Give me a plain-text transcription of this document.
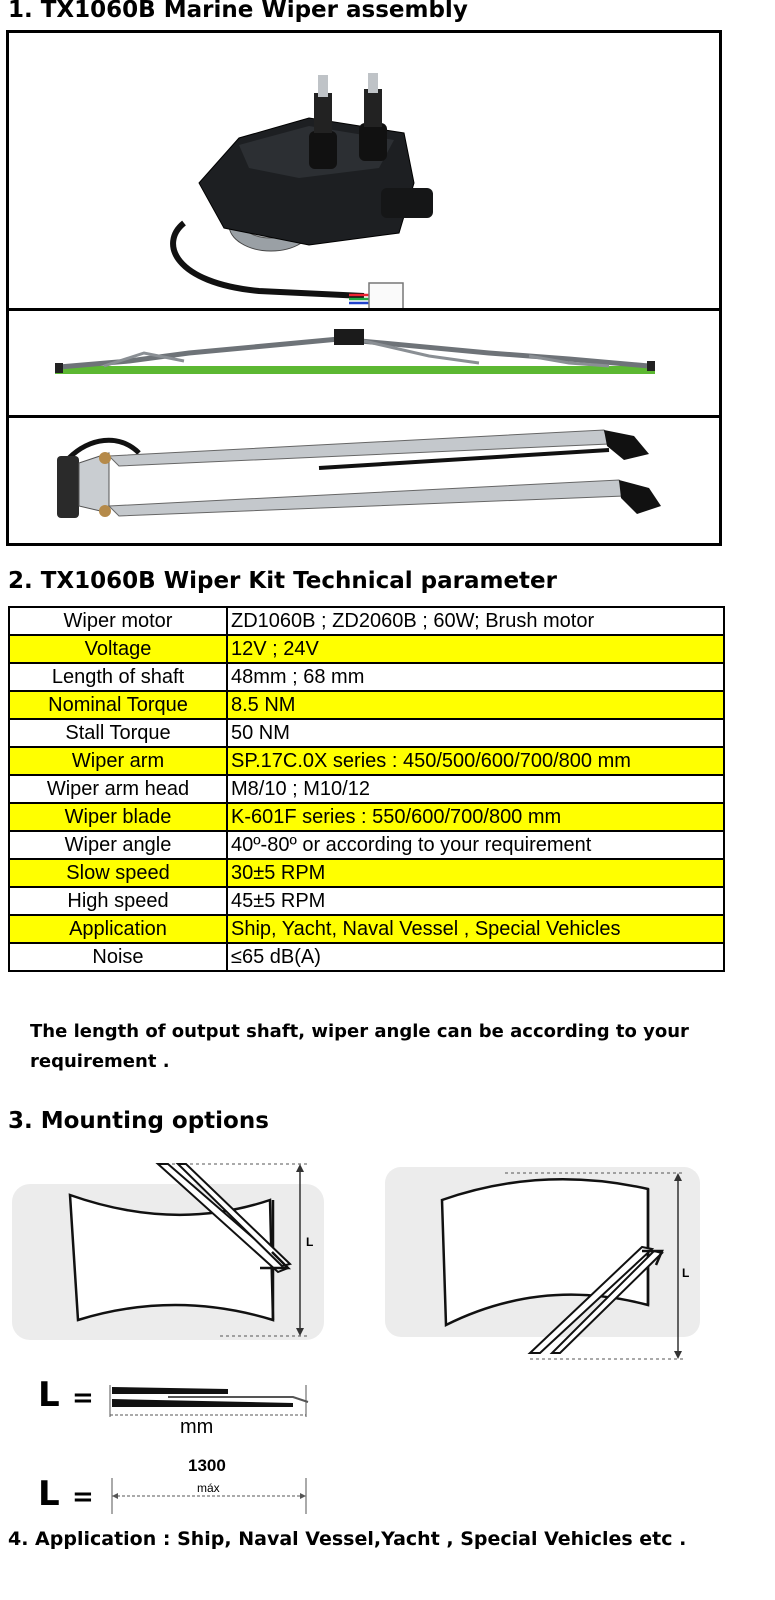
1. TX1060B Marine Wiper assembly
2. TX1060B Wiper Kit Technical parameter
Wiper motor	ZD1060B ; ZD2060B ; 60W; Brush motor
Voltage	12V ; 24V
Length of shaft	48mm ; 68 mm
Nominal Torque	8.5 NM
Stall Torque	50 NM
Wiper arm	SP.17C.0X series : 450/500/600/700/800 mm
Wiper arm head	M8/10 ; M10/12
Wiper blade	K-601F series : 550/600/700/800 mm
Wiper angle	40º-80º or according to your requirement
Slow speed	30±5 RPM
High speed	45±5 RPM
Application	Ship, Yacht, Naval Vessel , Special Vehicles
Noise	≤65 dB(A)

The length of output shaft, wiper angle can be according to your requirement .

3. Mounting options
L
L
L =
mm
L =
1300
máx
4. Application : Ship, Naval Vessel,Yacht , Special Vehicles etc .
